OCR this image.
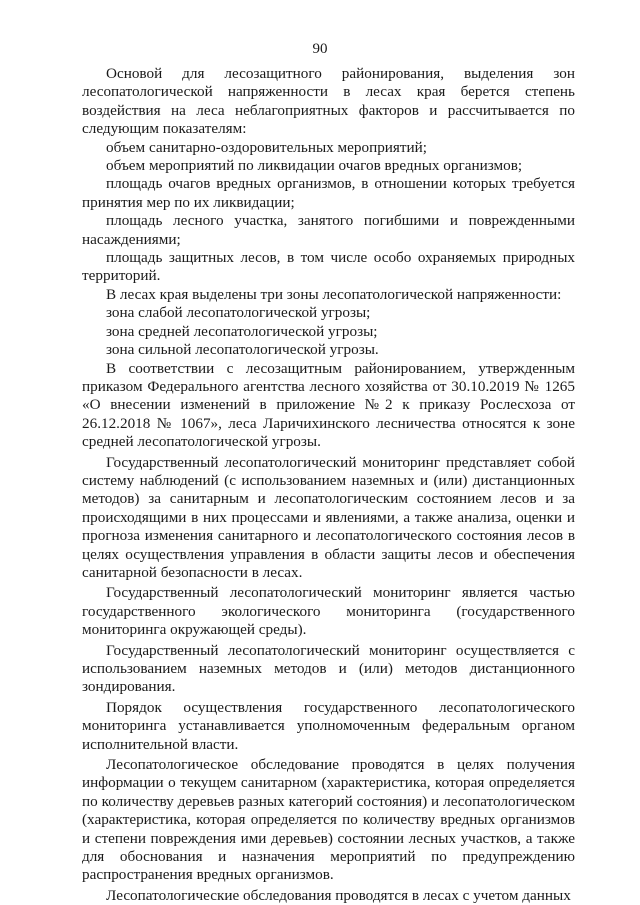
90

Основой для лесозащитного районирования, выделения зон лесопатологической напряженности в лесах края берется степень воздействия на леса неблагоприятных факторов и рассчитывается по следующим показателям:

объем санитарно-оздоровительных мероприятий;

объем мероприятий по ликвидации очагов вредных организмов;

площадь очагов вредных организмов, в отношении которых требуется принятия мер по их ликвидации;

площадь лесного участка, занятого погибшими и поврежденными насаждениями;

площадь защитных лесов, в том числе особо охраняемых природных территорий.

В лесах края выделены три зоны лесопатологической напряженности:

зона слабой лесопатологической угрозы;

зона средней лесопатологической угрозы;

зона сильной лесопатологической угрозы.

В соответствии с лесозащитным районированием, утвержденным приказом Федерального агентства лесного хозяйства от 30.10.2019 № 1265 «О внесении изменений в приложение №2 к приказу Рослесхоза от 26.12.2018 № 1067», леса Ларичихинского лесничества относятся к зоне средней лесопатологической угрозы.

Государственный лесопатологический мониторинг представляет собой систему наблюдений (с использованием наземных и (или) дистанционных методов) за санитарным и лесопатологическим состоянием лесов и за происходящими в них процессами и явлениями, а также анализа, оценки и прогноза изменения санитарного и лесопатологического состояния лесов в целях осуществления управления в области защиты лесов и обеспечения санитарной безопасности в лесах.

Государственный лесопатологический мониторинг является частью государственного экологического мониторинга (государственного мониторинга окружающей среды).

Государственный лесопатологический мониторинг осуществляется с использованием наземных методов и (или) методов дистанционного зондирования.

Порядок осуществления государственного лесопатологического мониторинга устанавливается уполномоченным федеральным органом исполнительной власти.

Лесопатологическое обследование проводятся в целях получения информации о текущем санитарном (характеристика, которая определяется по количеству деревьев разных категорий состояния) и лесопатологическом (характеристика, которая определяется по количеству вредных организмов и степени повреждения ими деревьев) состоянии лесных участков, а также для обоснования и назначения мероприятий по предупреждению распространения вредных организмов.

Лесопатологические обследования проводятся в лесах с учетом данных
